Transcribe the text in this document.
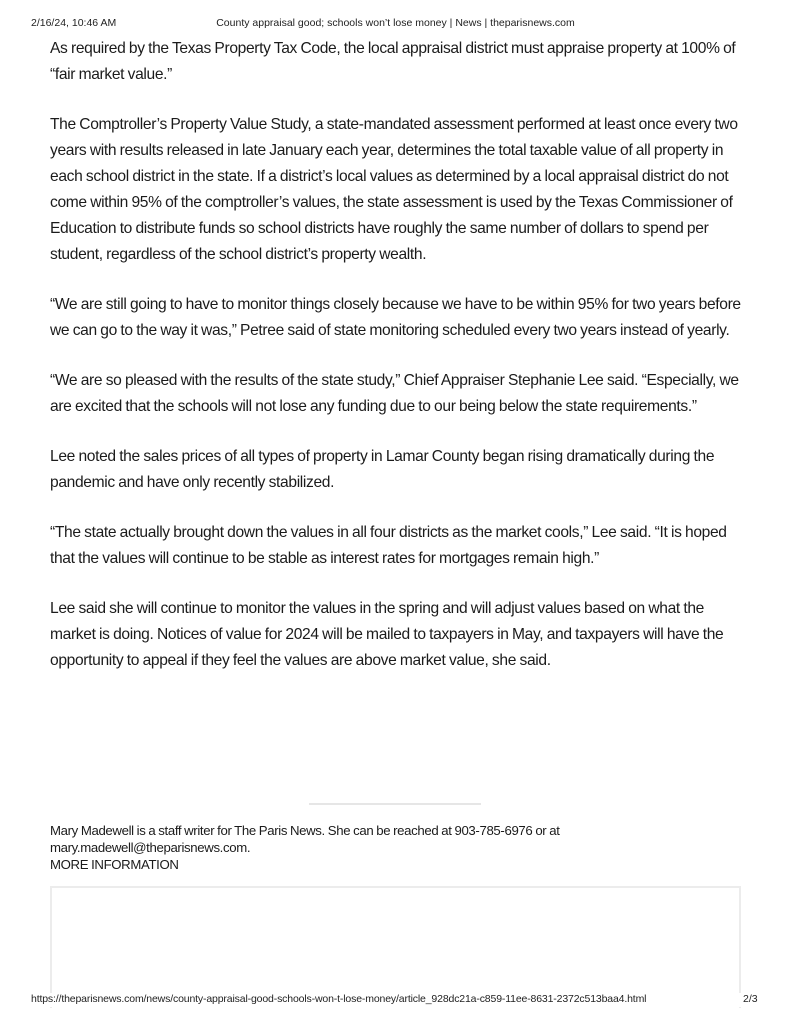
2/16/24, 10:46 AM	County appraisal good; schools won’t lose money | News | theparisnews.com

As required by the Texas Property Tax Code, the local appraisal district must appraise property at 100% of “fair market value.”

The Comptroller’s Property Value Study, a state-mandated assessment performed at least once every two years with results released in late January each year, determines the total taxable value of all property in each school district in the state. If a district’s local values as determined by a local appraisal district do not come within 95% of the comptroller’s values, the state assessment is used by the Texas Commissioner of Education to distribute funds so school districts have roughly the same number of dollars to spend per student, regardless of the school district’s property wealth.

“We are still going to have to monitor things closely because we have to be within 95% for two years before we can go to the way it was,” Petree said of state monitoring scheduled every two years instead of yearly.

“We are so pleased with the results of the state study,” Chief Appraiser Stephanie Lee said. “Especially, we are excited that the schools will not lose any funding due to our being below the state requirements.”

Lee noted the sales prices of all types of property in Lamar County began rising dramatically during the pandemic and have only recently stabilized.

“The state actually brought down the values in all four districts as the market cools,” Lee said. “It is hoped that the values will continue to be stable as interest rates for mortgages remain high.”

Lee said she will continue to monitor the values in the spring and will adjust values based on what the market is doing. Notices of value for 2024 will be mailed to taxpayers in May, and taxpayers will have the opportunity to appeal if they feel the values are above market value, she said.

Mary Madewell is a staff writer for The Paris News. She can be reached at 903-785-6976 or at
mary.madewell@theparisnews.com.
MORE INFORMATION
https://theparisnews.com/news/county-appraisal-good-schools-won-t-lose-money/article_928dc21a-c859-11ee-8631-2372c513baa4.html	2/3
